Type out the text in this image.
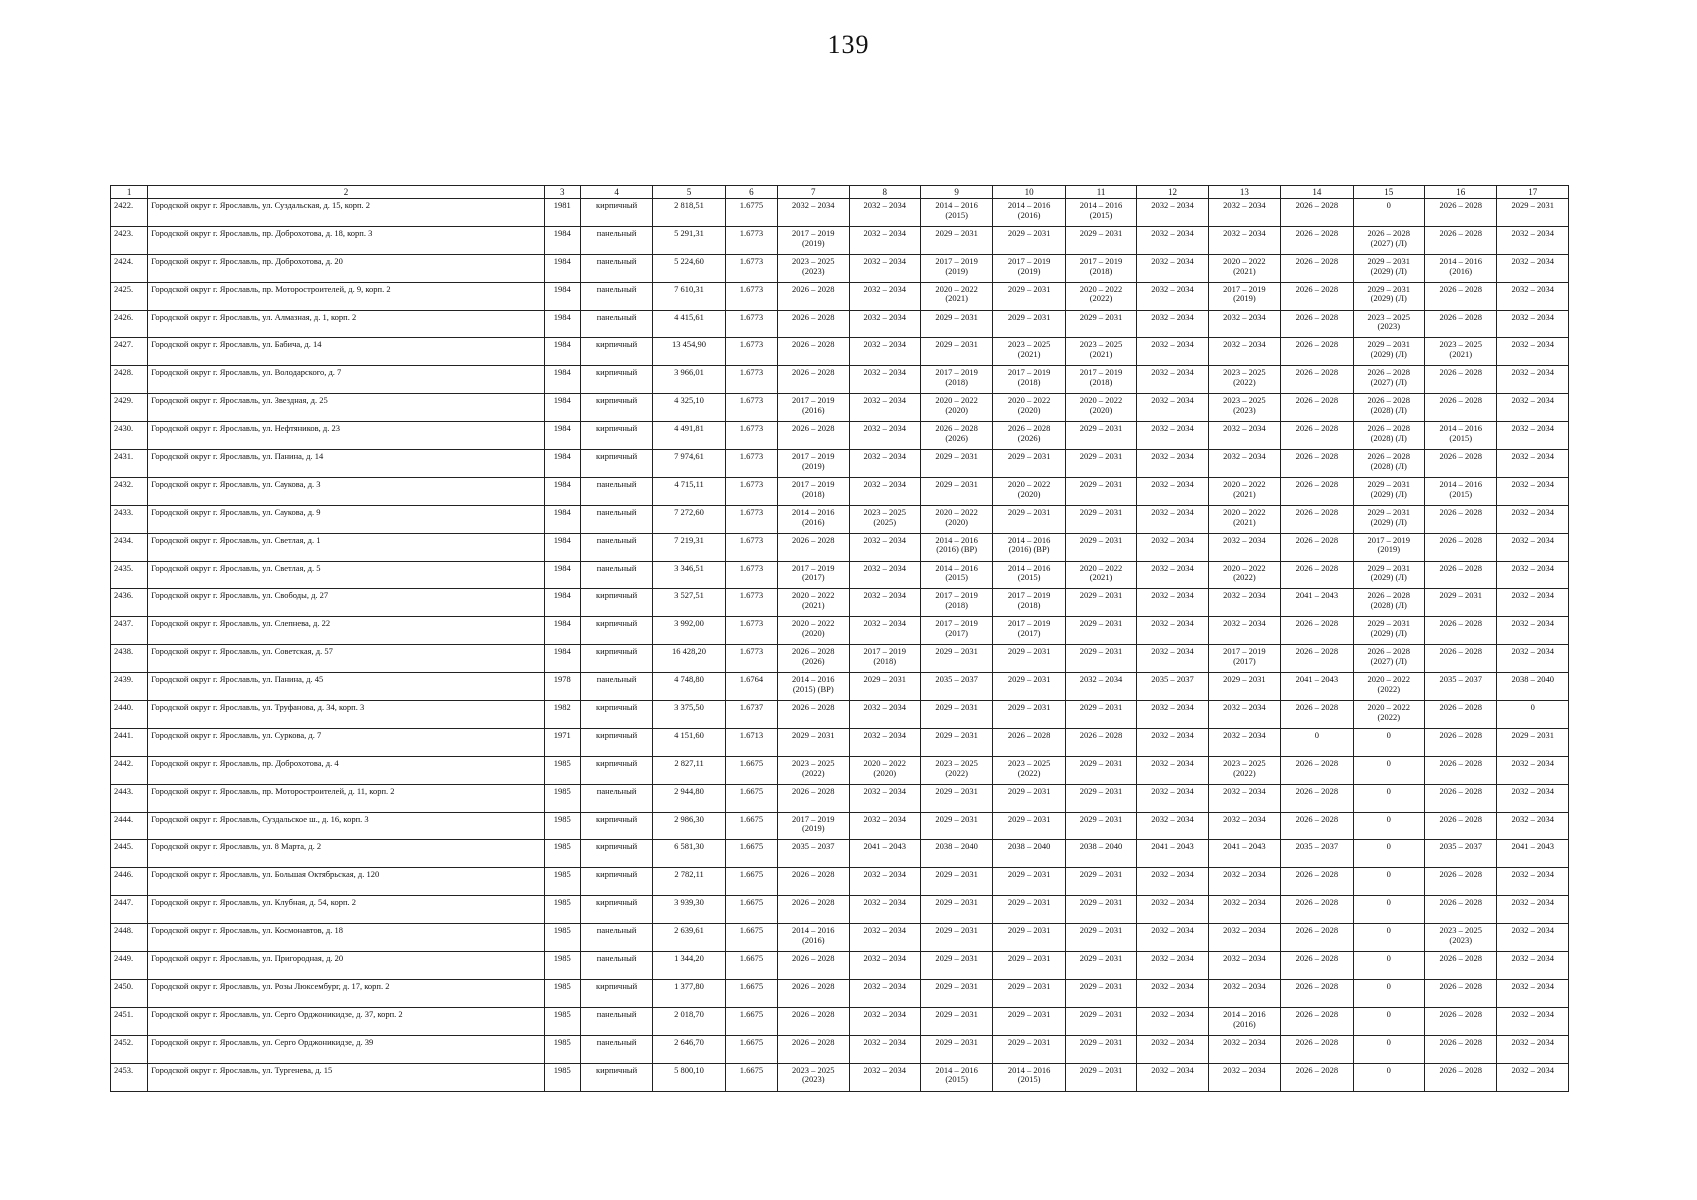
139
1	2	3	4	5	6	7	8	9	10	11	12	13	14	15	16	17

2422.	Городской округ г. Ярославль, ул. Суздальская, д. 15, корп. 2	1981	кирпичный	2 818,51	1.6775	2032 – 2034	2032 – 2034	2014 – 2016
(2015)	2014 – 2016
(2016)	2014 – 2016
(2015)	2032 – 2034	2032 – 2034	2026 – 2028	0	2026 – 2028	2029 – 2031

2423.	Городской округ г. Ярославль, пр. Доброхотова, д. 18, корп. 3	1984	панельный	5 291,31	1.6773	2017 – 2019
(2019)	2032 – 2034	2029 – 2031	2029 – 2031	2029 – 2031	2032 – 2034	2032 – 2034	2026 – 2028	2026 – 2028
(2027) (Л)	2026 – 2028	2032 – 2034

2424.	Городской округ г. Ярославль, пр. Доброхотова, д. 20	1984	панельный	5 224,60	1.6773	2023 – 2025
(2023)	2032 – 2034	2017 – 2019
(2019)	2017 – 2019
(2019)	2017 – 2019
(2018)	2032 – 2034	2020 – 2022
(2021)	2026 – 2028	2029 – 2031
(2029) (Л)	2014 – 2016
(2016)	2032 – 2034

2425.	Городской округ г. Ярославль, пр. Моторостроителей, д. 9, корп. 2	1984	панельный	7 610,31	1.6773	2026 – 2028	2032 – 2034	2020 – 2022
(2021)	2029 – 2031	2020 – 2022
(2022)	2032 – 2034	2017 – 2019
(2019)	2026 – 2028	2029 – 2031
(2029) (Л)	2026 – 2028	2032 – 2034

2426.	Городской округ г. Ярославль, ул. Алмазная, д. 1, корп. 2	1984	панельный	4 415,61	1.6773	2026 – 2028	2032 – 2034	2029 – 2031	2029 – 2031	2029 – 2031	2032 – 2034	2032 – 2034	2026 – 2028	2023 – 2025
(2023)	2026 – 2028	2032 – 2034

2427.	Городской округ г. Ярославль, ул. Бабича, д. 14	1984	кирпичный	13 454,90	1.6773	2026 – 2028	2032 – 2034	2029 – 2031	2023 – 2025
(2021)	2023 – 2025
(2021)	2032 – 2034	2032 – 2034	2026 – 2028	2029 – 2031
(2029) (Л)	2023 – 2025
(2021)	2032 – 2034

2428.	Городской округ г. Ярославль, ул. Володарского, д. 7	1984	кирпичный	3 966,01	1.6773	2026 – 2028	2032 – 2034	2017 – 2019
(2018)	2017 – 2019
(2018)	2017 – 2019
(2018)	2032 – 2034	2023 – 2025
(2022)	2026 – 2028	2026 – 2028
(2027) (Л)	2026 – 2028	2032 – 2034

2429.	Городской округ г. Ярославль, ул. Звездная, д. 25	1984	кирпичный	4 325,10	1.6773	2017 – 2019
(2016)	2032 – 2034	2020 – 2022
(2020)	2020 – 2022
(2020)	2020 – 2022
(2020)	2032 – 2034	2023 – 2025
(2023)	2026 – 2028	2026 – 2028
(2028) (Л)	2026 – 2028	2032 – 2034

2430.	Городской округ г. Ярославль, ул. Нефтяников, д. 23	1984	кирпичный	4 491,81	1.6773	2026 – 2028	2032 – 2034	2026 – 2028
(2026)	2026 – 2028
(2026)	2029 – 2031	2032 – 2034	2032 – 2034	2026 – 2028	2026 – 2028
(2028) (Л)	2014 – 2016
(2015)	2032 – 2034

2431.	Городской округ г. Ярославль, ул. Панина, д. 14	1984	кирпичный	7 974,61	1.6773	2017 – 2019
(2019)	2032 – 2034	2029 – 2031	2029 – 2031	2029 – 2031	2032 – 2034	2032 – 2034	2026 – 2028	2026 – 2028
(2028) (Л)	2026 – 2028	2032 – 2034

2432.	Городской округ г. Ярославль, ул. Саукова, д. 3	1984	панельный	4 715,11	1.6773	2017 – 2019
(2018)	2032 – 2034	2029 – 2031	2020 – 2022
(2020)	2029 – 2031	2032 – 2034	2020 – 2022
(2021)	2026 – 2028	2029 – 2031
(2029) (Л)	2014 – 2016
(2015)	2032 – 2034

2433.	Городской округ г. Ярославль, ул. Саукова, д. 9	1984	панельный	7 272,60	1.6773	2014 – 2016
(2016)	2023 – 2025
(2025)	2020 – 2022
(2020)	2029 – 2031	2029 – 2031	2032 – 2034	2020 – 2022
(2021)	2026 – 2028	2029 – 2031
(2029) (Л)	2026 – 2028	2032 – 2034

2434.	Городской округ г. Ярославль, ул. Светлая, д. 1	1984	панельный	7 219,31	1.6773	2026 – 2028	2032 – 2034	2014 – 2016
(2016) (ВР)	2014 – 2016
(2016) (ВР)	2029 – 2031	2032 – 2034	2032 – 2034	2026 – 2028	2017 – 2019
(2019)	2026 – 2028	2032 – 2034

2435.	Городской округ г. Ярославль, ул. Светлая, д. 5	1984	панельный	3 346,51	1.6773	2017 – 2019
(2017)	2032 – 2034	2014 – 2016
(2015)	2014 – 2016
(2015)	2020 – 2022
(2021)	2032 – 2034	2020 – 2022
(2022)	2026 – 2028	2029 – 2031
(2029) (Л)	2026 – 2028	2032 – 2034

2436.	Городской округ г. Ярославль, ул. Свободы, д. 27	1984	кирпичный	3 527,51	1.6773	2020 – 2022
(2021)	2032 – 2034	2017 – 2019
(2018)	2017 – 2019
(2018)	2029 – 2031	2032 – 2034	2032 – 2034	2041 – 2043	2026 – 2028
(2028) (Л)	2029 – 2031	2032 – 2034

2437.	Городской округ г. Ярославль, ул. Слепнева, д. 22	1984	кирпичный	3 992,00	1.6773	2020 – 2022
(2020)	2032 – 2034	2017 – 2019
(2017)	2017 – 2019
(2017)	2029 – 2031	2032 – 2034	2032 – 2034	2026 – 2028	2029 – 2031
(2029) (Л)	2026 – 2028	2032 – 2034

2438.	Городской округ г. Ярославль, ул. Советская, д. 57	1984	кирпичный	16 428,20	1.6773	2026 – 2028
(2026)	2017 – 2019
(2018)	2029 – 2031	2029 – 2031	2029 – 2031	2032 – 2034	2017 – 2019
(2017)	2026 – 2028	2026 – 2028
(2027) (Л)	2026 – 2028	2032 – 2034

2439.	Городской округ г. Ярославль, ул. Панина, д. 45	1978	панельный	4 748,80	1.6764	2014 – 2016
(2015) (ВР)	2029 – 2031	2035 – 2037	2029 – 2031	2032 – 2034	2035 – 2037	2029 – 2031	2041 – 2043	2020 – 2022
(2022)	2035 – 2037	2038 – 2040

2440.	Городской округ г. Ярославль, ул. Труфанова, д. 34, корп. 3	1982	кирпичный	3 375,50	1.6737	2026 – 2028	2032 – 2034	2029 – 2031	2029 – 2031	2029 – 2031	2032 – 2034	2032 – 2034	2026 – 2028	2020 – 2022
(2022)	2026 – 2028	0

2441.	Городской округ г. Ярославль, ул. Суркова, д. 7	1971	кирпичный	4 151,60	1.6713	2029 – 2031	2032 – 2034	2029 – 2031	2026 – 2028	2026 – 2028	2032 – 2034	2032 – 2034	0	0	2026 – 2028	2029 – 2031

2442.	Городской округ г. Ярославль, пр. Доброхотова, д. 4	1985	кирпичный	2 827,11	1.6675	2023 – 2025
(2022)	2020 – 2022
(2020)	2023 – 2025
(2022)	2023 – 2025
(2022)	2029 – 2031	2032 – 2034	2023 – 2025
(2022)	2026 – 2028	0	2026 – 2028	2032 – 2034

2443.	Городской округ г. Ярославль, пр. Моторостроителей, д. 11, корп. 2	1985	панельный	2 944,80	1.6675	2026 – 2028	2032 – 2034	2029 – 2031	2029 – 2031	2029 – 2031	2032 – 2034	2032 – 2034	2026 – 2028	0	2026 – 2028	2032 – 2034

2444.	Городской округ г. Ярославль, Суздальское ш., д. 16, корп. 3	1985	кирпичный	2 986,30	1.6675	2017 – 2019
(2019)	2032 – 2034	2029 – 2031	2029 – 2031	2029 – 2031	2032 – 2034	2032 – 2034	2026 – 2028	0	2026 – 2028	2032 – 2034

2445.	Городской округ г. Ярославль, ул. 8 Марта, д. 2	1985	кирпичный	6 581,30	1.6675	2035 – 2037	2041 – 2043	2038 – 2040	2038 – 2040	2038 – 2040	2041 – 2043	2041 – 2043	2035 – 2037	0	2035 – 2037	2041 – 2043

2446.	Городской округ г. Ярославль, ул. Большая Октябрьская, д. 120	1985	кирпичный	2 782,11	1.6675	2026 – 2028	2032 – 2034	2029 – 2031	2029 – 2031	2029 – 2031	2032 – 2034	2032 – 2034	2026 – 2028	0	2026 – 2028	2032 – 2034

2447.	Городской округ г. Ярославль, ул. Клубная, д. 54, корп. 2	1985	кирпичный	3 939,30	1.6675	2026 – 2028	2032 – 2034	2029 – 2031	2029 – 2031	2029 – 2031	2032 – 2034	2032 – 2034	2026 – 2028	0	2026 – 2028	2032 – 2034

2448.	Городской округ г. Ярославль, ул. Космонавтов, д. 18	1985	панельный	2 639,61	1.6675	2014 – 2016
(2016)	2032 – 2034	2029 – 2031	2029 – 2031	2029 – 2031	2032 – 2034	2032 – 2034	2026 – 2028	0	2023 – 2025
(2023)	2032 – 2034

2449.	Городской округ г. Ярославль, ул. Пригородная, д. 20	1985	панельный	1 344,20	1.6675	2026 – 2028	2032 – 2034	2029 – 2031	2029 – 2031	2029 – 2031	2032 – 2034	2032 – 2034	2026 – 2028	0	2026 – 2028	2032 – 2034

2450.	Городской округ г. Ярославль, ул. Розы Люксембург, д. 17, корп. 2	1985	кирпичный	1 377,80	1.6675	2026 – 2028	2032 – 2034	2029 – 2031	2029 – 2031	2029 – 2031	2032 – 2034	2032 – 2034	2026 – 2028	0	2026 – 2028	2032 – 2034

2451.	Городской округ г. Ярославль, ул. Серго Орджоникидзе, д. 37, корп. 2	1985	панельный	2 018,70	1.6675	2026 – 2028	2032 – 2034	2029 – 2031	2029 – 2031	2029 – 2031	2032 – 2034	2014 – 2016
(2016)	2026 – 2028	0	2026 – 2028	2032 – 2034

2452.	Городской округ г. Ярославль, ул. Серго Орджоникидзе, д. 39	1985	панельный	2 646,70	1.6675	2026 – 2028	2032 – 2034	2029 – 2031	2029 – 2031	2029 – 2031	2032 – 2034	2032 – 2034	2026 – 2028	0	2026 – 2028	2032 – 2034

2453.	Городской округ г. Ярославль, ул. Тургенева, д. 15	1985	кирпичный	5 800,10	1.6675	2023 – 2025
(2023)	2032 – 2034	2014 – 2016
(2015)	2014 – 2016
(2015)	2029 – 2031	2032 – 2034	2032 – 2034	2026 – 2028	0	2026 – 2028	2032 – 2034
